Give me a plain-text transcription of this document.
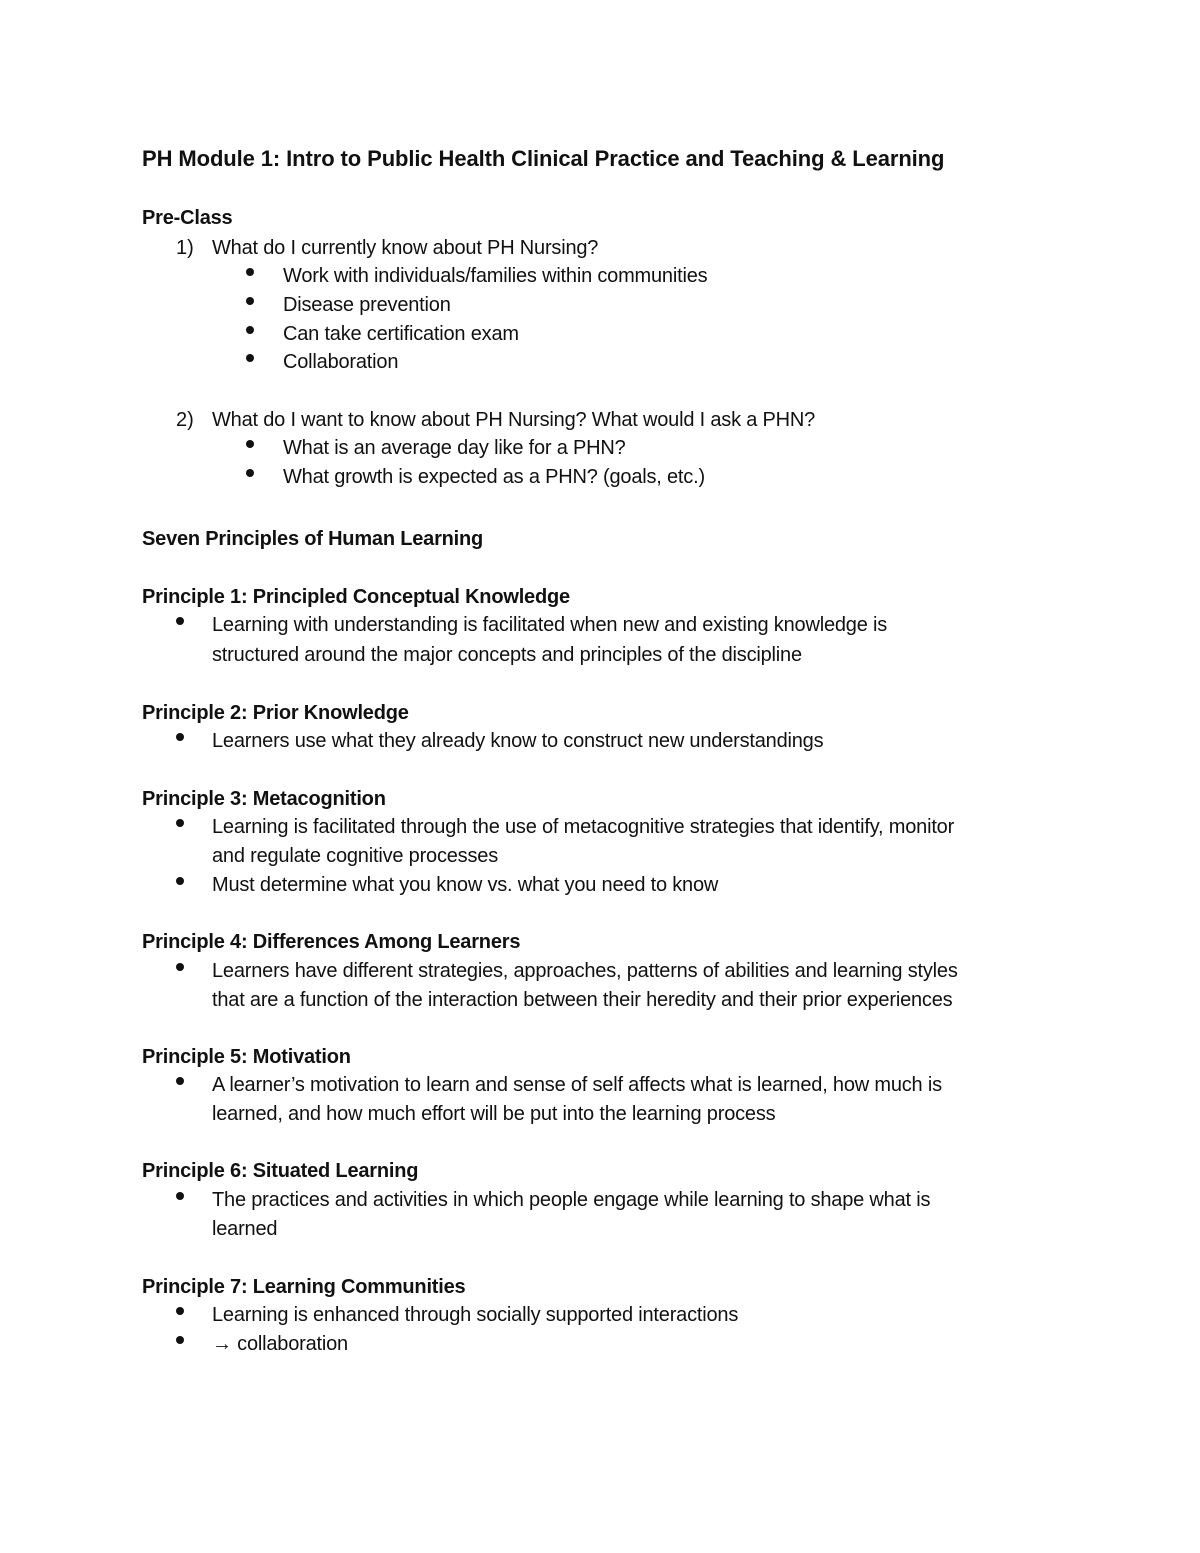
PH Module 1: Intro to Public Health Clinical Practice and Teaching & Learning
Pre-Class
1) What do I currently know about PH Nursing?
Work with individuals/families within communities
Disease prevention
Can take certification exam
Collaboration
2) What do I want to know about PH Nursing? What would I ask a PHN?
What is an average day like for a PHN?
What growth is expected as a PHN? (goals, etc.)
Seven Principles of Human Learning
Principle 1: Principled Conceptual Knowledge
Learning with understanding is facilitated when new and existing knowledge is
structured around the major concepts and principles of the discipline
Principle 2: Prior Knowledge
Learners use what they already know to construct new understandings
Principle 3: Metacognition
Learning is facilitated through the use of metacognitive strategies that identify, monitor
and regulate cognitive processes
Must determine what you know vs. what you need to know
Principle 4: Differences Among Learners
Learners have different strategies, approaches, patterns of abilities and learning styles
that are a function of the interaction between their heredity and their prior experiences
Principle 5: Motivation
A learner’s motivation to learn and sense of self affects what is learned, how much is
learned, and how much effort will be put into the learning process
Principle 6: Situated Learning
The practices and activities in which people engage while learning to shape what is
learned
Principle 7: Learning Communities
Learning is enhanced through socially supported interactions
→ collaboration
